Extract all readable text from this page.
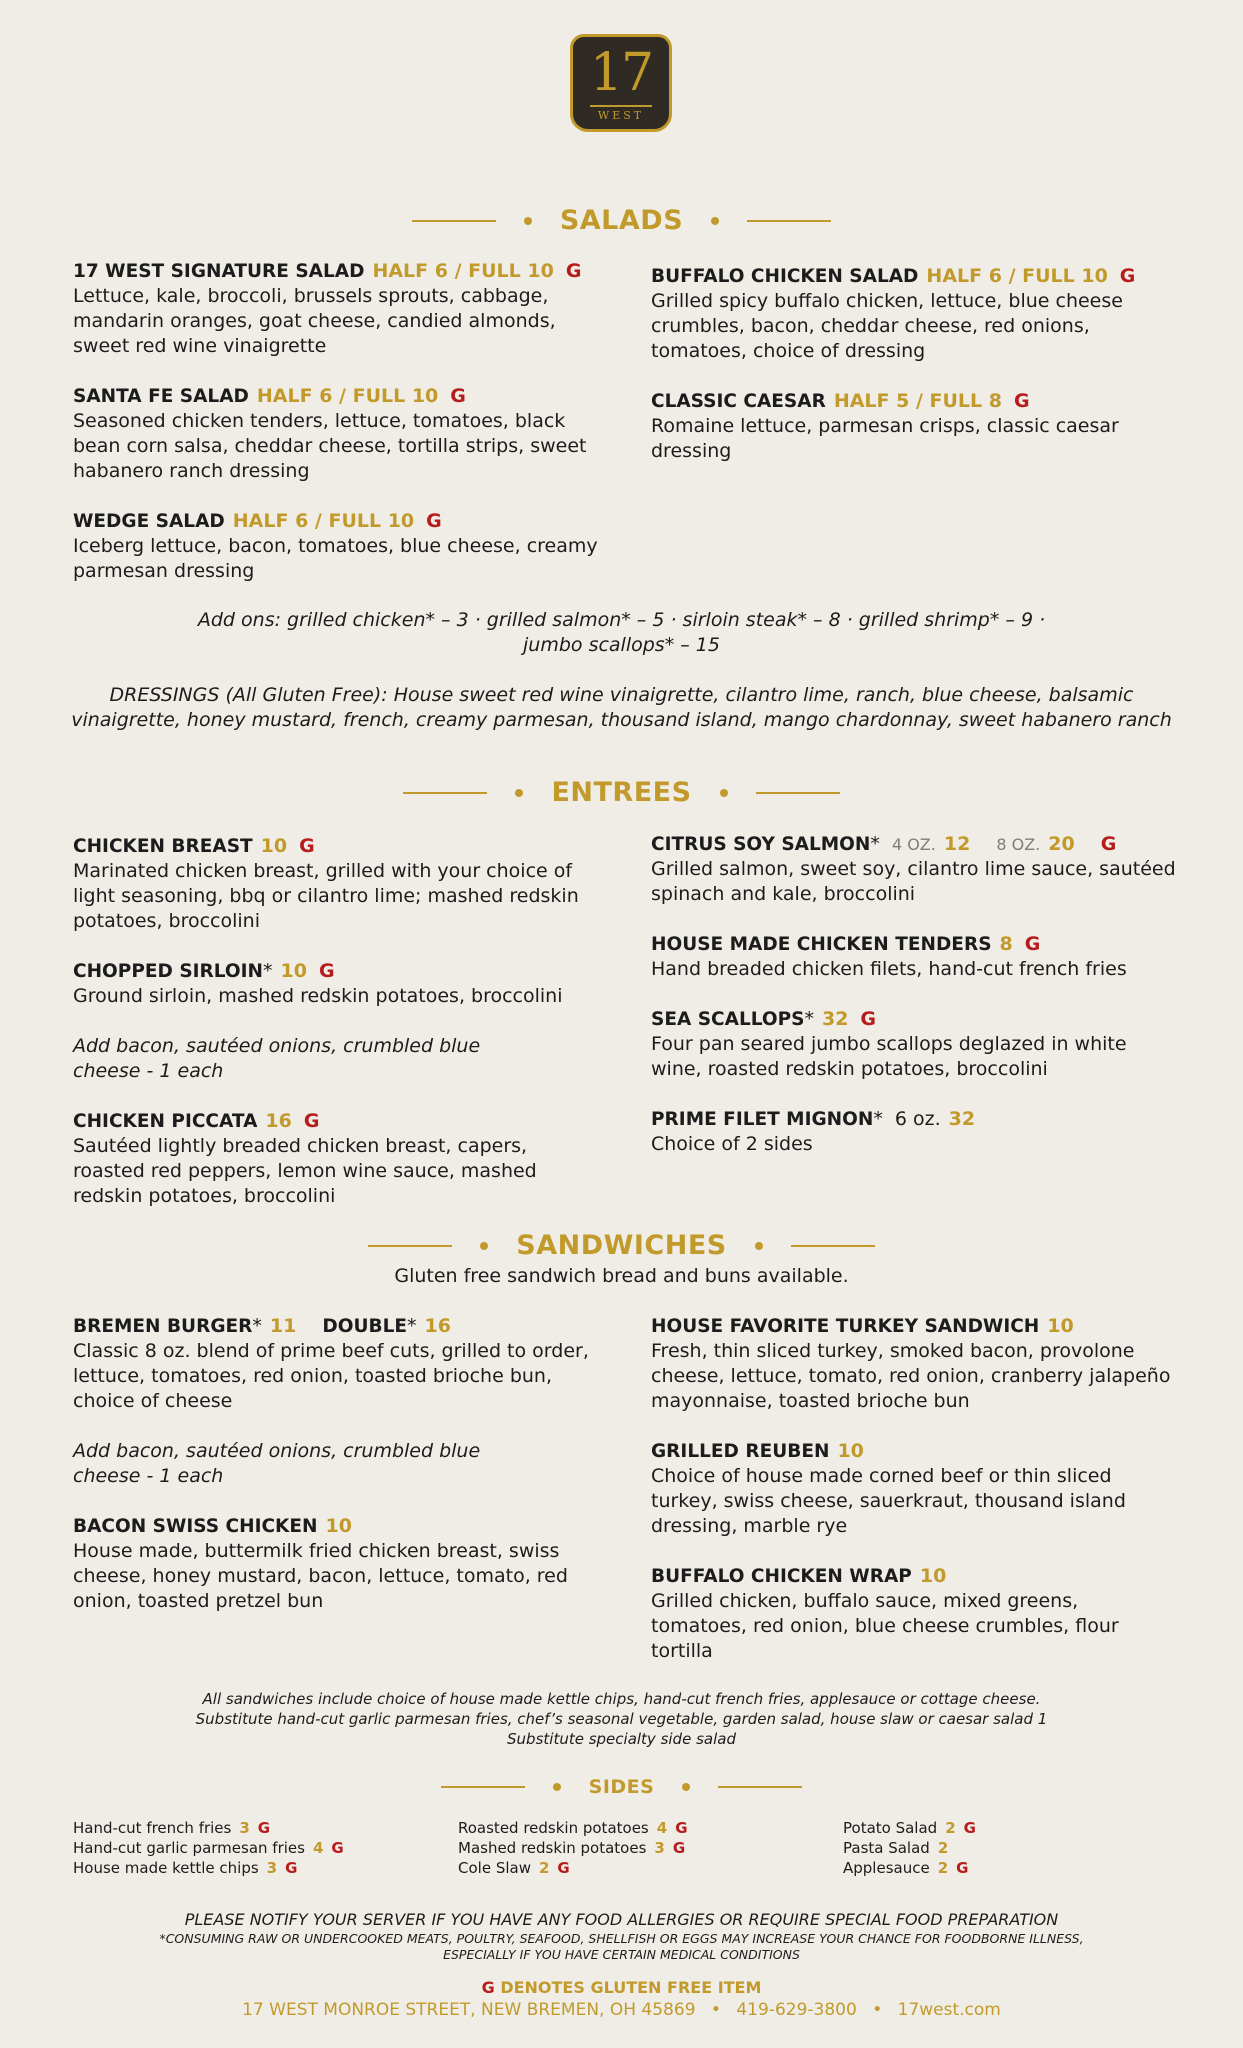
17
WEST
SALADS
17 WEST SIGNATURE SALAD HALF 6 / FULL 10 G
Lettuce, kale, broccoli, brussels sprouts, cabbage, mandarin oranges, goat cheese, candied almonds, sweet red wine vinaigrette
SANTA FE SALAD HALF 6 / FULL 10 G
Seasoned chicken tenders, lettuce, tomatoes, black bean corn salsa, cheddar cheese, tortilla strips, sweet habanero ranch dressing
WEDGE SALAD HALF 6 / FULL 10 G
Iceberg lettuce, bacon, tomatoes, blue cheese, creamy parmesan dressing
BUFFALO CHICKEN SALAD HALF 6 / FULL 10 G
Grilled spicy buffalo chicken, lettuce, blue cheese crumbles, bacon, cheddar cheese, red onions, tomatoes, choice of dressing
CLASSIC CAESAR HALF 5 / FULL 8 G
Romaine lettuce, parmesan crisps, classic caesar dressing
Add ons: grilled chicken* – 3 · grilled salmon* – 5 · sirloin steak* – 8 · grilled shrimp* – 9 · jumbo scallops* – 15
DRESSINGS (All Gluten Free): House sweet red wine vinaigrette, cilantro lime, ranch, blue cheese, balsamic vinaigrette, honey mustard, french, creamy parmesan, thousand island, mango chardonnay, sweet habanero ranch
ENTREES
CHICKEN BREAST 10 G
Marinated chicken breast, grilled with your choice of light seasoning, bbq or cilantro lime; mashed redskin potatoes, broccolini
CHOPPED SIRLOIN* 10 G
Ground sirloin, mashed redskin potatoes, broccolini
Add bacon, sautéed onions, crumbled blue cheese - 1 each
CHICKEN PICCATA 16 G
Sautéed lightly breaded chicken breast, capers, roasted red peppers, lemon wine sauce, mashed redskin potatoes, broccolini
CITRUS SOY SALMON* 4 OZ. 12 8 OZ. 20 G
Grilled salmon, sweet soy, cilantro lime sauce, sautéed spinach and kale, broccolini
HOUSE MADE CHICKEN TENDERS 8 G
Hand breaded chicken filets, hand-cut french fries
SEA SCALLOPS* 32 G
Four pan seared jumbo scallops deglazed in white wine, roasted redskin potatoes, broccolini
PRIME FILET MIGNON* 6 oz. 32
Choice of 2 sides
SANDWICHES
Gluten free sandwich bread and buns available.
BREMEN BURGER* 11 DOUBLE* 16
Classic 8 oz. blend of prime beef cuts, grilled to order, lettuce, tomatoes, red onion, toasted brioche bun, choice of cheese
Add bacon, sautéed onions, crumbled blue cheese - 1 each
BACON SWISS CHICKEN 10
House made, buttermilk fried chicken breast, swiss cheese, honey mustard, bacon, lettuce, tomato, red onion, toasted pretzel bun
HOUSE FAVORITE TURKEY SANDWICH 10
Fresh, thin sliced turkey, smoked bacon, provolone cheese, lettuce, tomato, red onion, cranberry jalapeño mayonnaise, toasted brioche bun
GRILLED REUBEN 10
Choice of house made corned beef or thin sliced turkey, swiss cheese, sauerkraut, thousand island dressing, marble rye
BUFFALO CHICKEN WRAP 10
Grilled chicken, buffalo sauce, mixed greens, tomatoes, red onion, blue cheese crumbles, flour tortilla
All sandwiches include choice of house made kettle chips, hand-cut french fries, applesauce or cottage cheese.
Substitute hand-cut garlic parmesan fries, chef’s seasonal vegetable, garden salad, house slaw or caesar salad 1
Substitute specialty side salad
SIDES
Hand-cut french fries 3 G
Hand-cut garlic parmesan fries 4 G
House made kettle chips 3 G
Roasted redskin potatoes 4 G
Mashed redskin potatoes 3 G
Cole Slaw 2 G
Potato Salad 2 G
Pasta Salad 2
Applesauce 2 G
PLEASE NOTIFY YOUR SERVER IF YOU HAVE ANY FOOD ALLERGIES OR REQUIRE SPECIAL FOOD PREPARATION
*CONSUMING RAW OR UNDERCOOKED MEATS, POULTRY, SEAFOOD, SHELLFISH OR EGGS MAY INCREASE YOUR CHANCE FOR FOODBORNE ILLNESS,
ESPECIALLY IF YOU HAVE CERTAIN MEDICAL CONDITIONS
G DENOTES GLUTEN FREE ITEM
17 WEST MONROE STREET, NEW BREMEN, OH 45869 • 419-629-3800 • 17west.com
